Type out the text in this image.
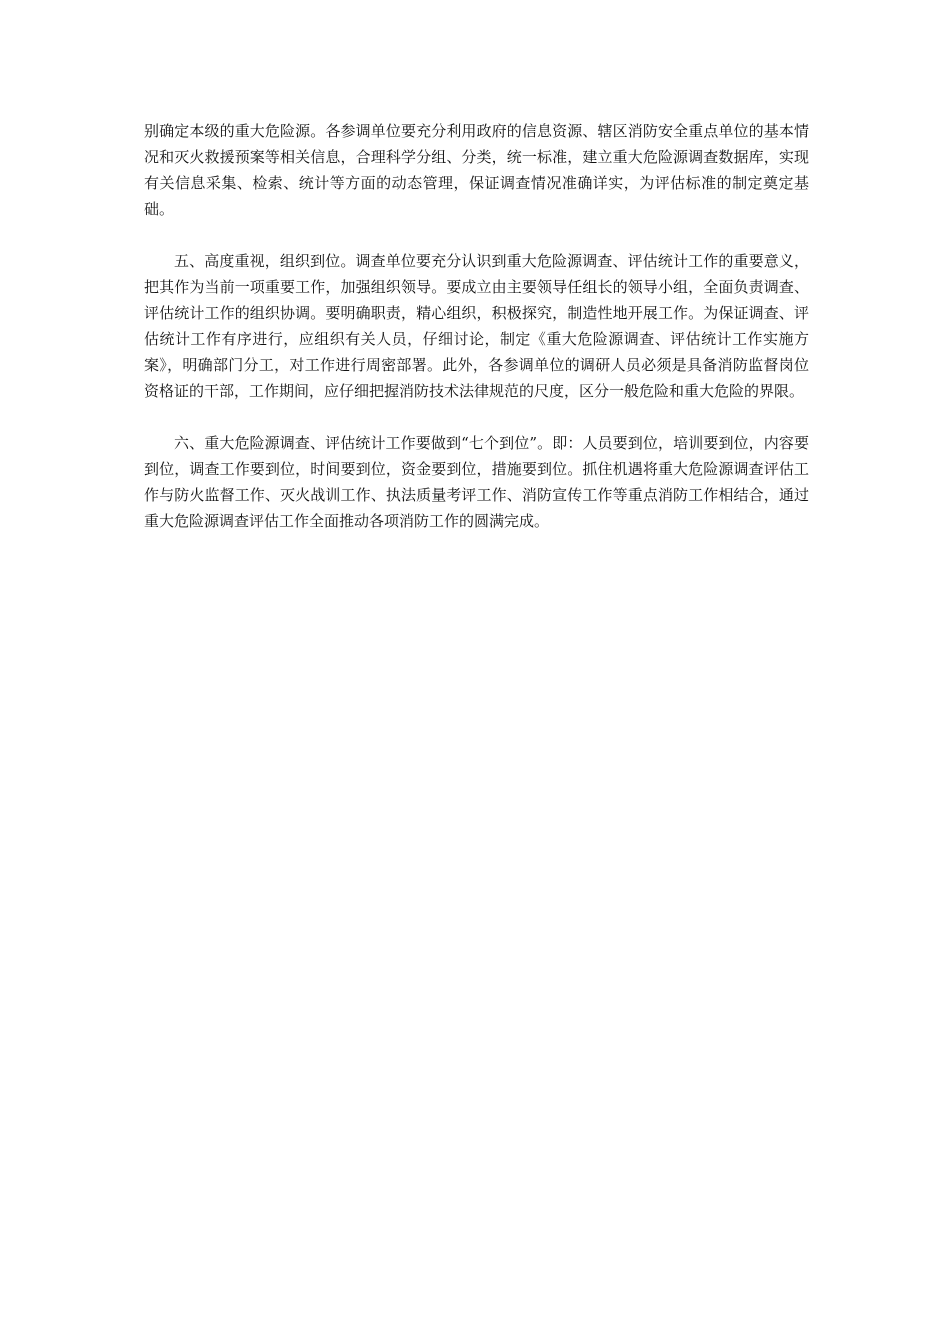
别确定本级的重大危险源。各参调单位要充分利用政府的信息资源、辖区消防安全重点单位的基本情况和灭火救援预案等相关信息，合理科学分组、分类，统一标准，建立重大危险源调查数据库，实现有关信息采集、检索、统计等方面的动态管理，保证调查情况准确详实，为评估标准的制定奠定基础。

五、高度重视，组织到位。调查单位要充分认识到重大危险源调查、评估统计工作的重要意义，把其作为当前一项重要工作，加强组织领导。要成立由主要领导任组长的领导小组，全面负责调查、评估统计工作的组织协调。要明确职责，精心组织，积极探究，制造性地开展工作。为保证调查、评估统计工作有序进行，应组织有关人员，仔细讨论，制定《重大危险源调查、评估统计工作实施方案》，明确部门分工，对工作进行周密部署。此外，各参调单位的调研人员必须是具备消防监督岗位资格证的干部，工作期间，应仔细把握消防技术法律规范的尺度，区分一般危险和重大危险的界限。

六、重大危险源调查、评估统计工作要做到“七个到位”。即：人员要到位，培训要到位，内容要到位，调查工作要到位，时间要到位，资金要到位，措施要到位。抓住机遇将重大危险源调查评估工作与防火监督工作、灭火战训工作、执法质量考评工作、消防宣传工作等重点消防工作相结合，通过重大危险源调查评估工作全面推动各项消防工作的圆满完成。
